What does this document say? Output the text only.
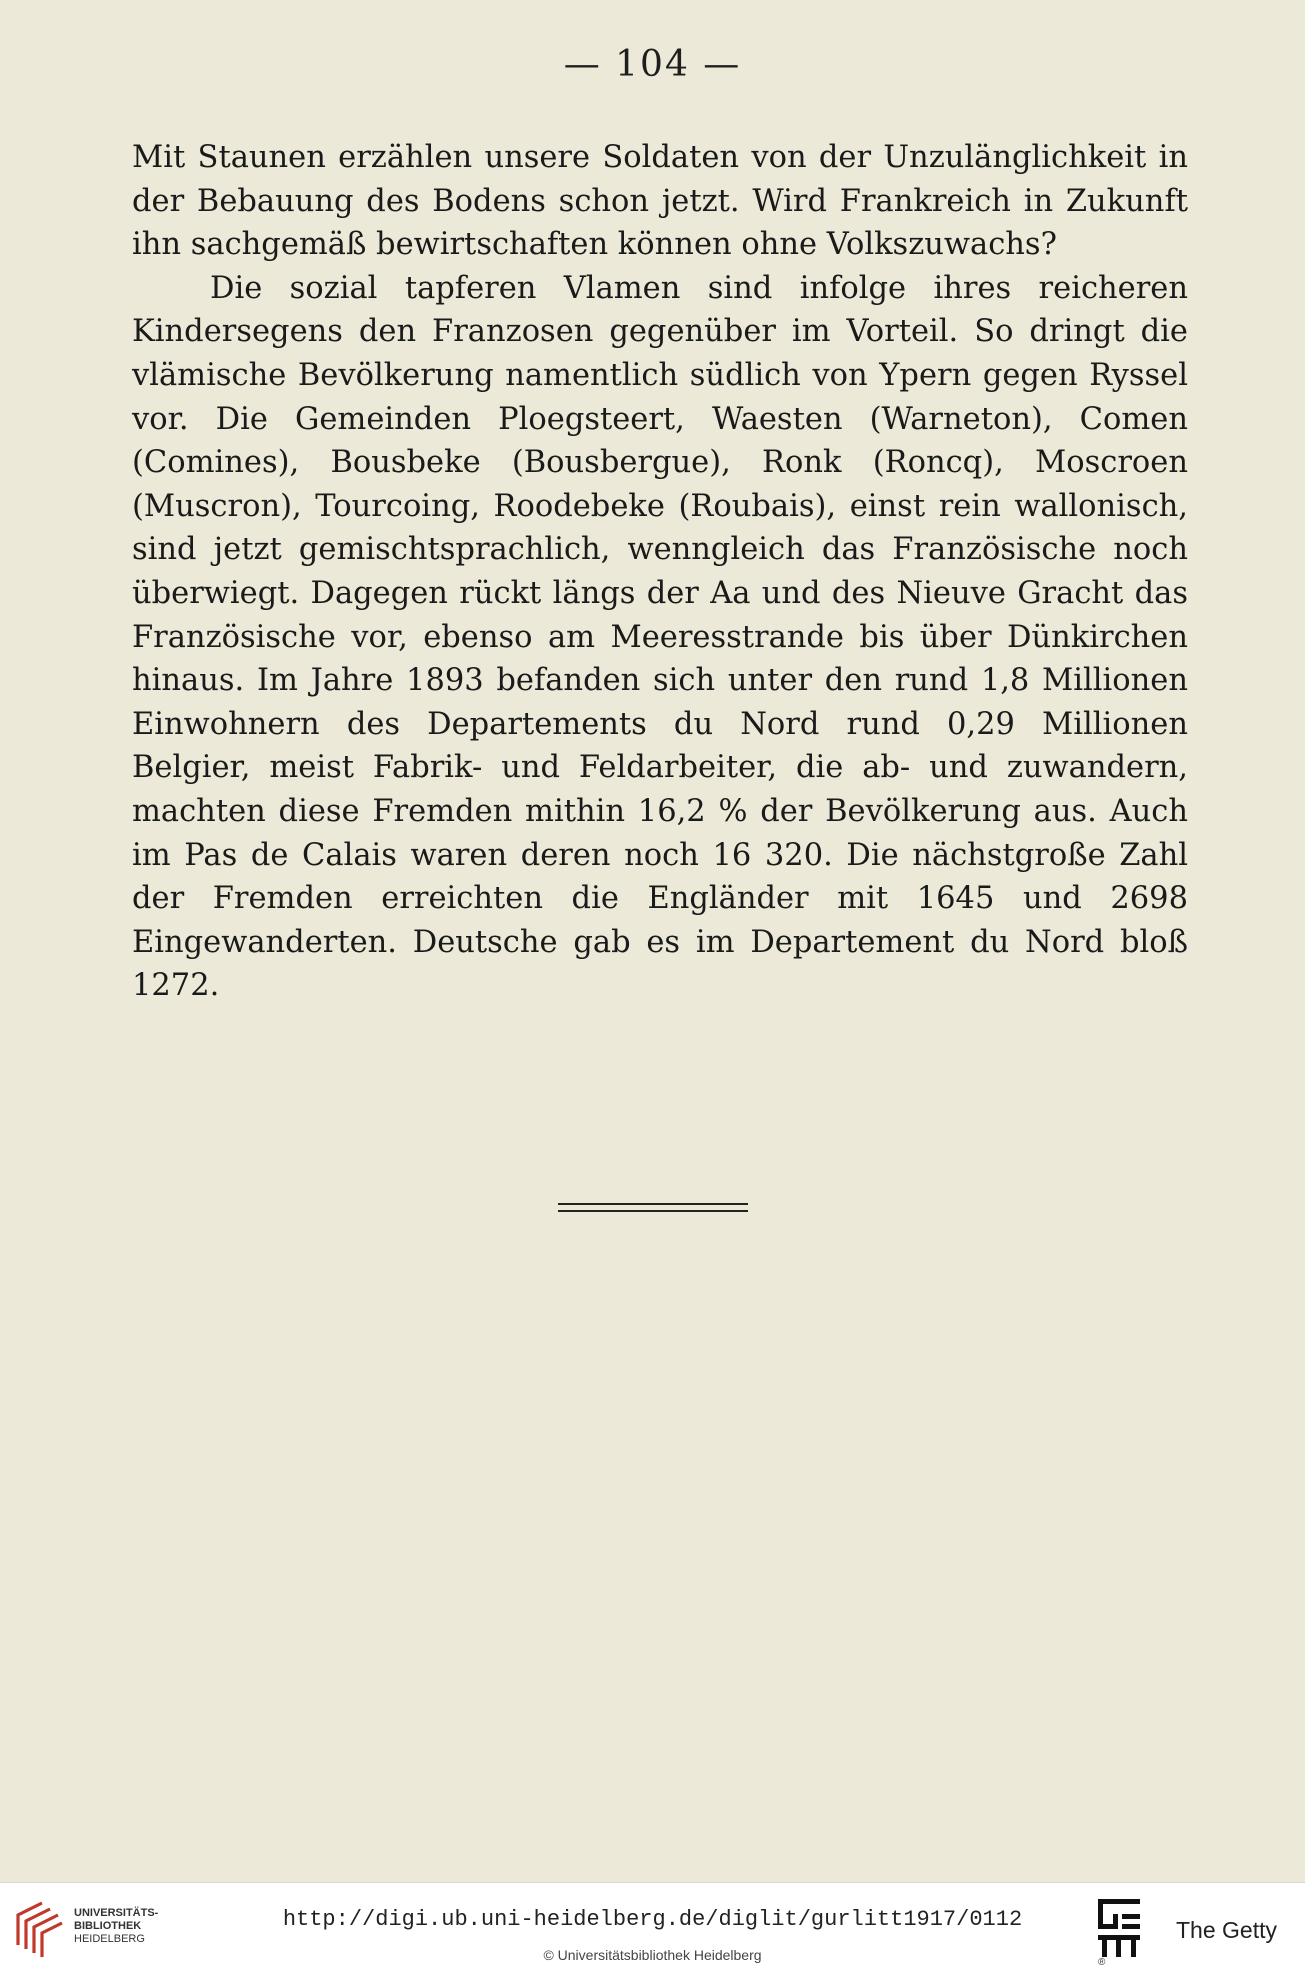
— 104 —

Mit Staunen erzählen unsere Soldaten von der Unzulänglichkeit in der Bebauung des Bodens schon jetzt. Wird Frankreich in Zukunft ihn sachgemäß bewirtschaften können ohne Volkszuwachs?

Die sozial tapferen Vlamen sind infolge ihres reicheren Kindersegens den Franzosen gegenüber im Vorteil. So dringt die vlämische Bevölkerung namentlich südlich von Ypern gegen Ryssel vor. Die Gemeinden Ploegsteert, Waesten (Warneton), Comen (Comines), Bousbeke (Bousbergue), Ronk (Roncq), Moscroen (Muscron), Tourcoing, Roodebeke (Roubais), einst rein wallonisch, sind jetzt gemischtsprachlich, wenngleich das Französische noch überwiegt. Dagegen rückt längs der Aa und des Nieuve Gracht das Französische vor, ebenso am Meeresstrande bis über Dünkirchen hinaus. Im Jahre 1893 befanden sich unter den rund 1,8 Millionen Einwohnern des Departements du Nord rund 0,29 Millionen Belgier, meist Fabrik- und Feldarbeiter, die ab- und zuwandern, machten diese Fremden mithin 16,2 % der Bevölkerung aus. Auch im Pas de Calais waren deren noch 16 320. Die nächstgroße Zahl der Fremden erreichten die Engländer mit 1645 und 2698 Eingewanderten. Deutsche gab es im Departement du Nord bloß 1272.

UNIVERSITÄTS-
BIBLIOTHEK
HEIDELBERG
http://digi.ub.uni-heidelberg.de/diglit/gurlitt1917/0112
© Universitätsbibliothek Heidelberg	®
The Getty
